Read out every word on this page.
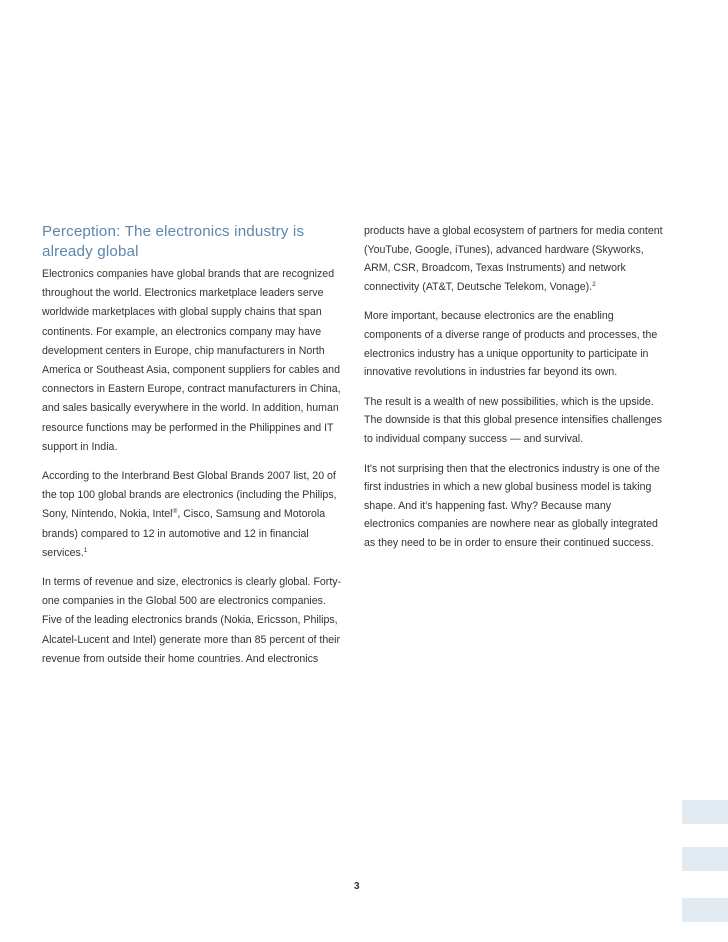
Perception: The electronics industry is already global

Electronics companies have global brands that are recognized throughout the world. Electronics marketplace leaders serve worldwide marketplaces with global supply chains that span continents. For example, an electronics company may have development centers in Europe, chip manufacturers in North America or Southeast Asia, component suppliers for cables and connectors in Eastern Europe, contract manufacturers in China, and sales basically everywhere in the world. In addition, human resource functions may be performed in the Philippines and IT support in India.

According to the Interbrand Best Global Brands 2007 list, 20 of the top 100 global brands are electronics (including the Philips, Sony, Nintendo, Nokia, Intel®, Cisco, Samsung and Motorola brands) compared to 12 in automotive and 12 in financial services.$^1$

In terms of revenue and size, electronics is clearly global. Forty-one companies in the Global 500 are electronics companies. Five of the leading electronics brands (Nokia, Ericsson, Philips, Alcatel-Lucent and Intel) generate more than 85 percent of their revenue from outside their home countries. And electronics

products have a global ecosystem of partners for media content (YouTube, Google, iTunes), advanced hardware (Skyworks, ARM, CSR, Broadcom, Texas Instruments) and network connectivity (AT&T, Deutsche Telekom, Vonage).$^2$

More important, because electronics are the enabling components of a diverse range of products and processes, the electronics industry has a unique opportunity to participate in innovative revolutions in industries far beyond its own.

The result is a wealth of new possibilities, which is the upside. The downside is that this global presence intensifies challenges to individual company success — and survival.

It's not surprising then that the electronics industry is one of the first industries in which a new global business model is taking shape. And it's happening fast. Why? Because many electronics companies are nowhere near as globally integrated as they need to be in order to ensure their continued success.

3
